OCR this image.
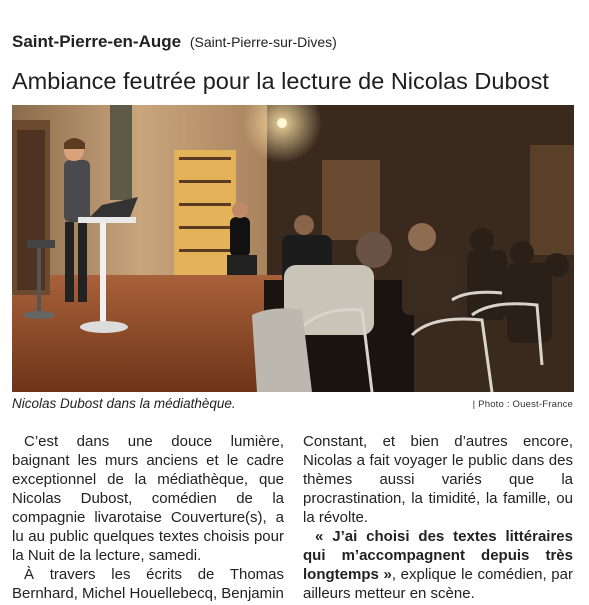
Saint-Pierre-en-Auge (Saint-Pierre-sur-Dives)
Ambiance feutrée pour la lecture de Nicolas Dubost
Nicolas Dubost dans la médiathèque.	| Photo : Ouest-France

C’est dans une douce lumière, baignant les murs anciens et le cadre exceptionnel de la médiathèque, que Nicolas Dubost, comédien de la compagnie livarotaise Couverture(s), a lu au public quelques textes choisis pour la Nuit de la lecture, samedi.

À travers les écrits de Thomas Bernhard, Michel Houellebecq, Benjamin

Constant, et bien d’autres encore, Nicolas a fait voyager le public dans des thèmes aussi variés que la procrastination, la timidité, la famille, ou la révolte.

« J’ai choisi des textes littéraires qui m’accompagnent depuis très longtemps », explique le comédien, par ailleurs metteur en scène.
